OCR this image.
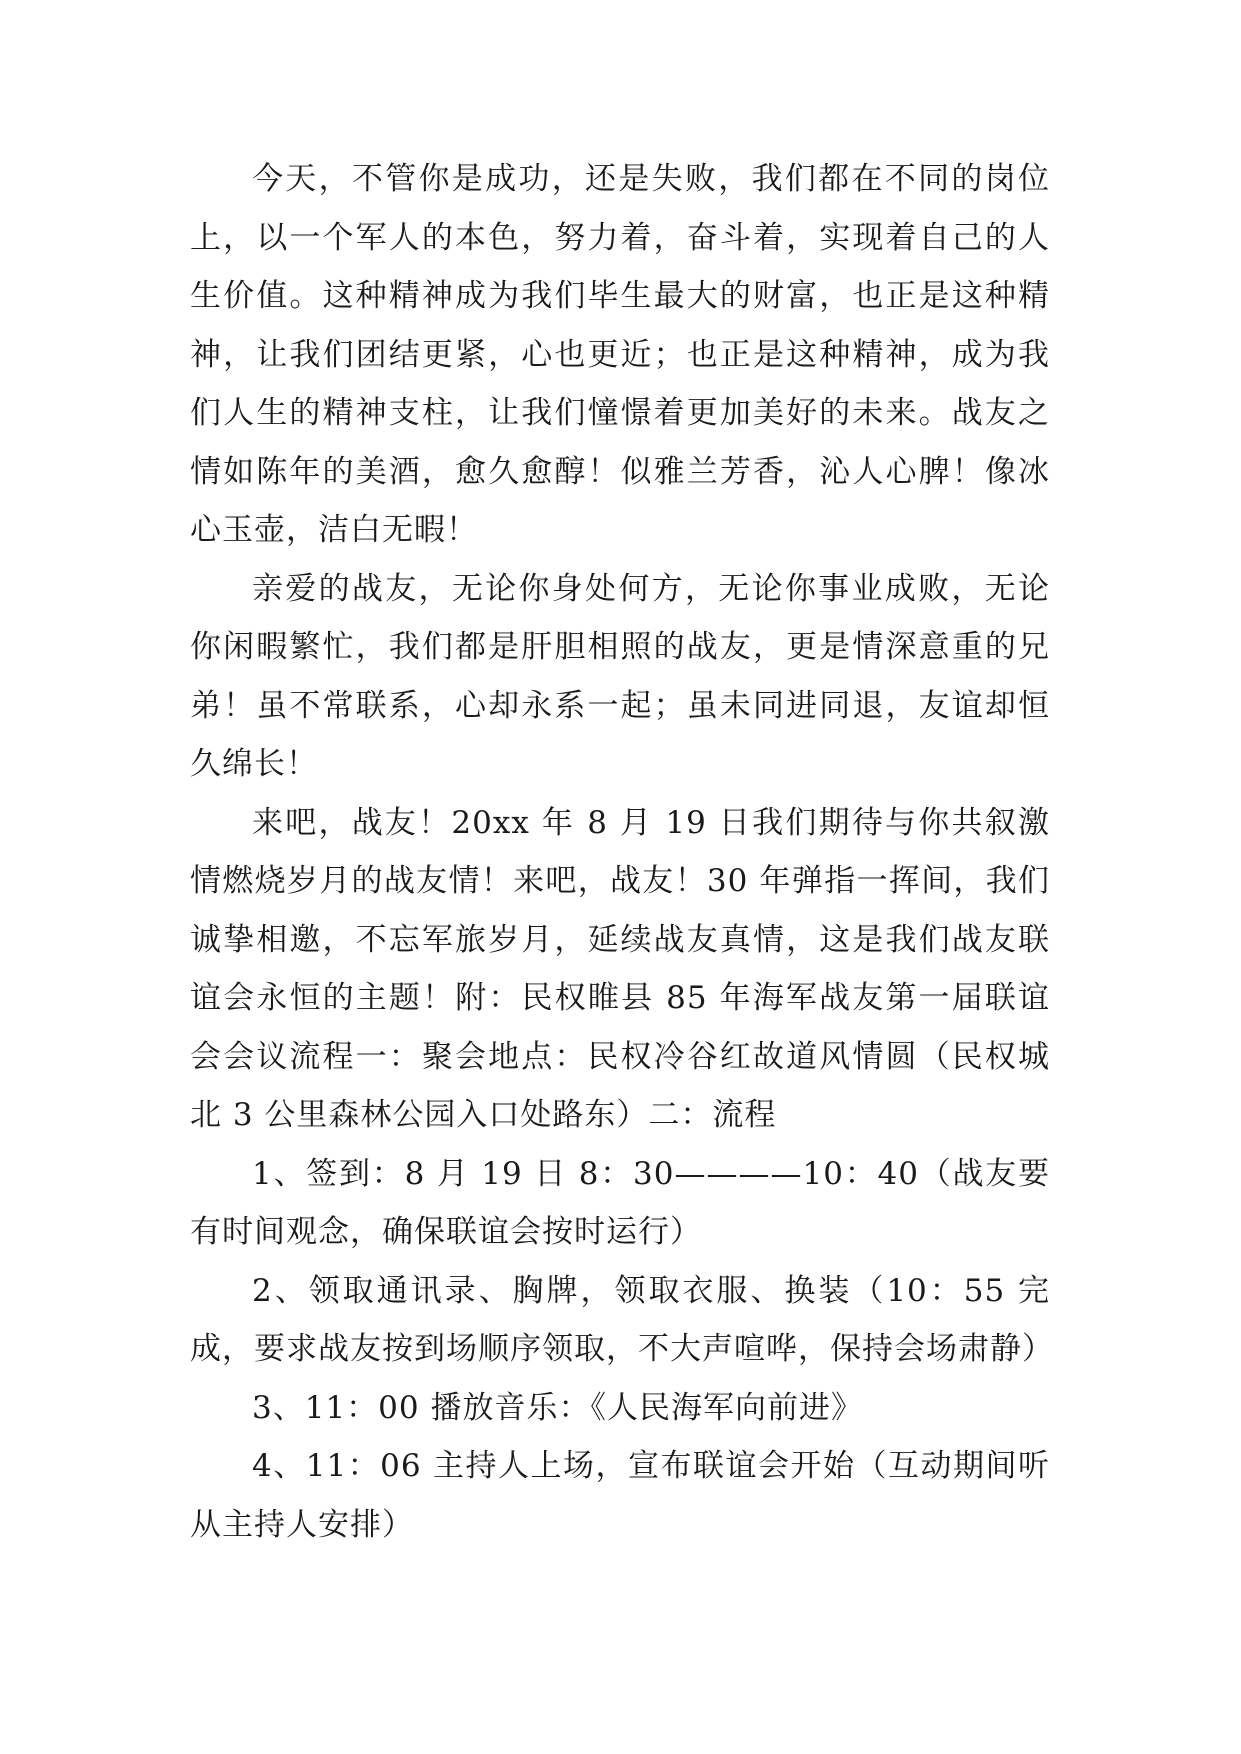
今天，不管你是成功，还是失败，我们都在不同的岗位上，以一个军人的本色，努力着，奋斗着，实现着自己的人生价值。这种精神成为我们毕生最大的财富，也正是这种精神，让我们团结更紧，心也更近；也正是这种精神，成为我们人生的精神支柱，让我们憧憬着更加美好的未来。战友之情如陈年的美酒，愈久愈醇！似雅兰芳香，沁人心脾！像冰心玉壶，洁白无暇！

亲爱的战友，无论你身处何方，无论你事业成败，无论你闲暇繁忙，我们都是肝胆相照的战友，更是情深意重的兄弟！虽不常联系，心却永系一起；虽未同进同退，友谊却恒久绵长！

来吧，战友！20xx 年 8 月 19 日我们期待与你共叙激情燃烧岁月的战友情！来吧，战友！30 年弹指一挥间，我们诚挚相邀，不忘军旅岁月，延续战友真情，这是我们战友联谊会永恒的主题！附：民权睢县 85 年海军战友第一届联谊会会议流程一：聚会地点：民权冷谷红故道风情圆（民权城北 3 公里森林公园入口处路东）二：流程

1、签到：8 月 19 日 8：30————10：40（战友要有时间观念，确保联谊会按时运行）

2、领取通讯录、胸牌，领取衣服、换装（10：55 完成，要求战友按到场顺序领取，不大声喧哗，保持会场肃静）

3、11：00 播放音乐：《人民海军向前进》

4、11：06 主持人上场，宣布联谊会开始（互动期间听从主持人安排）
